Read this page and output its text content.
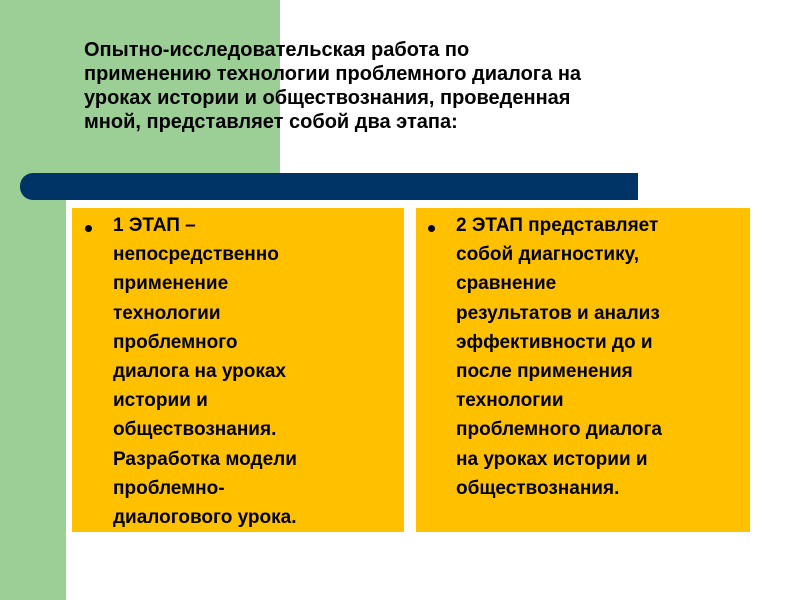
Опытно-исследовательская работа по
применению технологии проблемного диалога на
уроках истории и обществознания, проведенная
мной, представляет собой два этапа:

1 ЭТАП –
непосредственно
применение
технологии
проблемного
диалога на уроках
истории и
обществознания.
Разработка модели
проблемно-
диалогового урока.

2 ЭТАП представляет
собой диагностику,
сравнение
результатов и анализ
эффективности до и
после применения
технологии
проблемного диалога
на уроках истории и
обществознания.
